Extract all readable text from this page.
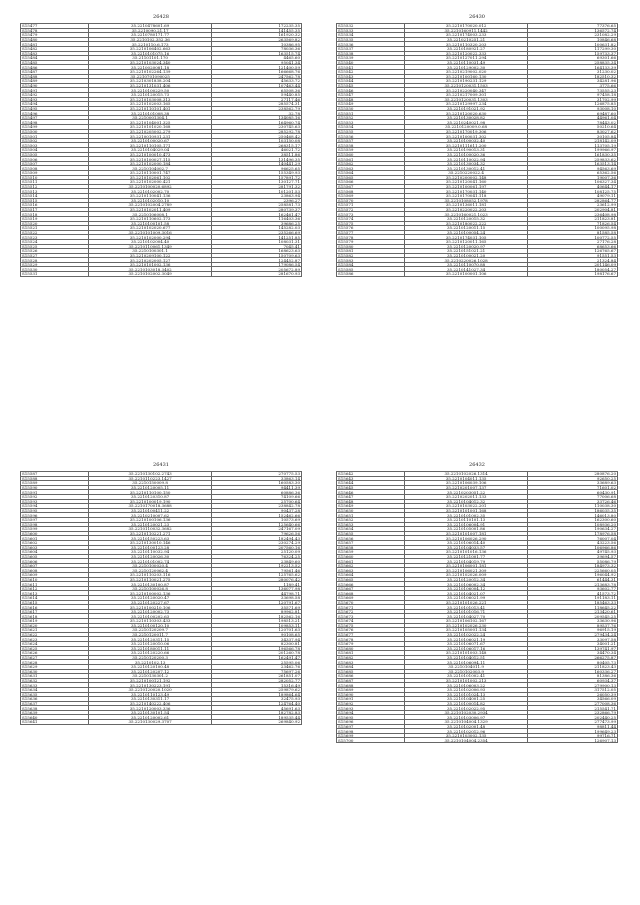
26428
S15477	35.2210478601.69	172235.35
S15478	35.2210090.21.17	141455.35
S15479	35.2210780171.77	161920.32
S15480	35.2210102.352.36	263569.82
S15481	35.2210110.6.173	10386.95
S15482	35.2210106402.663	78036.36
S15483	35.2210101075.16	163515.74
S15484	35.21101101.170	4465.60
S15485	35.2210103024.340	95041.34
S15486	35.2210020081.18	121400.59
S15487	35.2210102264.139	166668.76
S15488	35.2210701090025	247562.78
S15489	35.2210301838.204	45633.72
S15490	35.2210131031.406	107463.44
S15491	35.2210100229.50	65508.36
S15492	35.2210120015.73	59440.85
S15493	35.2210103008.313	27117.46
S15494	35.2210102003.165	285574.31
S15495	35.2210110101.401	238562.79
S15496	35.2210101008.38	32.78
S15497	35.2210001304.1	134085.16
S15498	35.2210104001.325	164960.74
S15499	35.2210101020.168	230745.63
S15500	35.2210205002.279	285292.78
S15501	35.2210010931.231	250468.42
S15502	35.2210100020.67	103150.08
S15503	35.2210110105.171	268315.17
S15504	35.2210104029.04	46021.72
S15505	35.2210100010.473	38511.86
S15506	35.2210100027.115	131496.35
S15507	35.2210102000.184	140441.29
S15508	35.2210104002.7	96625.65
S15509	35.2210110001.747	155349.93
S15510	35.2210102061.102	157891.72
S15511	35.2210102000.421	130127.71
S15512	35.2210100020.6892	281791.32
S15513	35.2210102002.70	101201.53
S15514	35.2210110041.136	23863.94
S15515	35.2210102010.10	2396.27
S15516	35.2210102004.2789	258581.73
S15517	35.2210102011.409	280739.37
S15518	35.2210106008.1	162461.47
S15519	35.2210110602.173	116403.36
S15520	35.2210100101.58	39686.25
S15521	35.2210102020.677	145282.03
S15522	35.2210101009.3016	235266.69
S15523	35.2210102000.294	141251.85
S15524	35.2210102004.40	108031.31
S15525	35.2210110061.1349	7045.41
S15526	35.2210100301.1	168623.63
S15527	35.2210209100.122	150709.63
S15528	35.2210202005.127	124452.87
S15529	35.2210101002.136	179086.54
S15530	35.2210103018.3402	205672.89
S15531	35.2210102002.3049	281670.93
26430
S15532	35.2210170020.012	77376.65
S15533	35.2210160911.1442	136572.74
S15534	35.2210174003.233	231082.29
S15535	35.2210210251.21	10846.68
S15536	35.2210110320.203	100631.82
S15537	35.2210180921.27	117299.30
S15538	35.2210120022.333	159733.37
S15539	35.2210127011.294	69301.66
S15540	35.2210110031.49	258835.34
S15541	35.2210129002.30	164133.39
S15542	35.2210219002.020	31230.02
S15543	35.2210100160.130	182510.32
S15544	35.2210190231.129	34281.96
S15545	35.2210120031.1503	3775.66
S15546	35.2210220040.347	73555.23
S15547	35.2210217009.301	97458.18
S15548	35.2210120031.1303	31702.99
S15549	35.2210129997.234	126875.85
S15550	35.2210191021.92	93008.10
S15551	35.2210120020.630	69487.60
S15552	35.2210130028.82	44961.04
S15553	35.2210240021.98	78443.02
S15554	35.2210120009.0.68	50210.64
S15555	35.2210170019.306	83027.62
S15556	35.2210100031.302	30105.84
S15557	35.2210100032.40	218142.09
S15558	35.2210111611.200	113705.19
S15559	35.2210190013.31	199966.97
S15560	35.2210100020.36	161830.35
S15561	35.2210110022.94	259833.62
S15562	35.2210130034.32	163513.14
S15563	35.2210130012.41	94563.69
S15564	35.2210220022.4	65362.56
S15565	35.2210200002.148	19007.36
S15566	35.2210120041.160	106327.34
S15567	35.2210100061.197	40644.17
S15568	35.2210170031.140	108125.75
S15569	35.2210170041.118	49079.11
S15570	35.2210108052.1978	282864.77
S15571	35.2210136011.181	23612.99
S15572	35.2210220022.203	202904.81
S15573	35.2210160021.1023	236408.98
S15574	35.2210120015.32	211823.81
S15575	35.2210180022.222	71826.54
S15576	35.2210120011.15	100095.98
S15577	35.2210100054.24	81585.58
S15578	35.2210174031.105	100772.55
S15579	35.2210120011.165	27176.28
S15580	35.2210120020.97	68653.66
S15581	35.2210151021.21	126765.67
S15582	35.2210100021.20	91551.53
S15583	35.2210220026.1028	21324.84
S15584	35.2210110070.88	201146.09
S15585	35.2210141027.34	180054.27
S15586	35.2210100001.106	198176.67
26431
S15587	35.2210130102.2743	270775.53
S15588	35.2210110223.1427	33863.14
S15589	35.2210150009.8	160583.30
S15590	35.2210120005.11	94411.39
S15591	35.2210110100.150	60886.36
S15592	35.2210120310.87	74109.66
S15593	35.2210100019.190	25700.64
S15594	35.2210170018.3688	238842.78
S15595	35.2210100411.22	90437.28
S15596	35.2210210007.62	152462.66
S15597	35.2210100106.136	10573.69
S15598	35.2210120021.23	125640.66
S15599	35.2210110032.3682	247167.09
S15600	35.2210110221.271	79626.56
S15601	35.2210150223.63	182494.43
S15602	35.2210130010.146	230274.29
S15603	35.2210100123.28	207560.16
S15604	35.2210110032.94	25120.09
S15605	35.2210120026.30	76324.25
S15606	35.2210101002.74	23849.60
S15607	35.2210100020.4	192213.52
S15608	35.2210120062.4	79561.46
S15609	35.2210110203.116	125765.62
S15610	35.2210110021.275	280076.42
S15611	35.2210130100.87	1189.41
S15612	35.2210100026.8	136077.98
S15613	35.2210100002.136	44798.71
S15614	35.2210120020.47	33698.58
S15615	35.2210120227.67	120791.67
S15616	35.2210100210.106	35571.69
S15617	35.2210120002.73	89962.81
S15618	35.2210100202.63	182562.16
S15619	35.2210110303.433	198513.21
S15620	35.2210100120.10	109853.11
S15621	35.2210120209.7	120701.63
S15622	35.2210120011.7	90108.65
S15623	35.2210120311.15	34337.94
S15624	35.2210120010.06	82300.81
S15625	35.2210180011.11	196566.78
S15626	35.2210120220.66	201260.78
S15627	35.2210120200.3	162491.47
S15628	35.2210102.13	25595.06
S15629	35.2210120100.48	23462.76
S15630	35.2210120207.12	75697.26
S15631	35.2210130301.2	261851.07
S15632	35.2210100121.192	282052.77
S15633	35.2210130223.191	15316.49
S15634	35.2210120020.1020	259879.62
S15635	35.2210110123.49	189864.64
S15636	35.2210130311.17	32475.93
S15637	35.2210140222.406	124764.40
S15638	35.2210120003.336	45691.63
S15639	35.2210130101.54	182782.83
S15640	35.2210120002.61	189535.44
S15641	35.2210130029.3707	269840.92
26432
S15642	35.2210102026.1314	280876.20
S15643	35.2210104011.135	92650.25
S15644	35.2210106039.106	33689.63
S15645	35.2210201007.137	71601.02
S15646	35.2210203051.22	60430.91
S15647	35.2210202011.133	77006.68
S15648	35.2210104012.32	33726.46
S15649	35.2210103022.201	110038.30
S15650	35.2210101001.168	186035.35
S15651	35.2210101002.35	146013.80
S15652	35.2210110101.13	162300.60
S15653	35.2210106004.91	108936.20
S15654	35.2210105001.86	190634.27
S15655	35.2210101007.181	178976.58
S15656	35.2210106026.290	76007.04
S15657	35.2210106014.40	43223.56
S15658	35.2210104033.57	106966.86
S15659	35.2210101016.136	49745.93
S15660	35.2210121001.77	39694.57
S15661	35.2210104019.79	55086.79
S15662	35.2210106001.181	184973.32
S15663	35.2210106021.309	225660.05
S15664	35.2210102026.009	196044.92
S15665	35.2210120012.34	61444.31
S15666	35.2210106002.34	213683.78
S15667	35.2210106004.12	93602.77
S15668	35.2210104021.07	41573.72
S15669	35.2210106021.99	191183.11
S15670	35.2210101026.221	185463.33
S15671	35.2210101013.41	118645.22
S15672	35.2210101016.71	213420.61
S15673	35.2210104027.70	209545.25
S15674	35.2210106102.167	33630.96
S15675	35.2210102026.230	89537.76
S15676	35.2210105001.134	96915.19
S15677	35.2210102022.24	279434.24
S15678	35.2210106021.19	33097.58
S15679	35.2210106071.67	34001.21
S15680	35.2210106017.16	139741.97
S15681	35.2210101003.148	34470.34
S15682	35.2210104012.51	266275.87
S15683	35.2210106094.11	80405.73
S15684	35.2210104011.9	211823.43
S15685	35.2210102003.9	160336.27
S15686	35.2210101002.41	81386.36
S15687	35.2210101002.213	60934.37
S15688	35.2210106003.22	279900.13
S15689	35.2210102006.93	317512.05
S15690	35.2210101024.13	26050.39
S15691	35.2210104001.25	34566.09
S15692	35.2210100014.82	277008.36
S15693	35.2210102022.95	215541.71
S15694	35.2210102030.2934	232866.79
S15695	35.2210103006.97	202440.25
S15696	35.2210104004.1329	277473.99
S15697	35.2210102001.48	98811.44
S15698	35.2210102012.96	199649.23
S15699	35.2210103002.135	99716.71
S15700	35.2210104004.2354	126907.13
